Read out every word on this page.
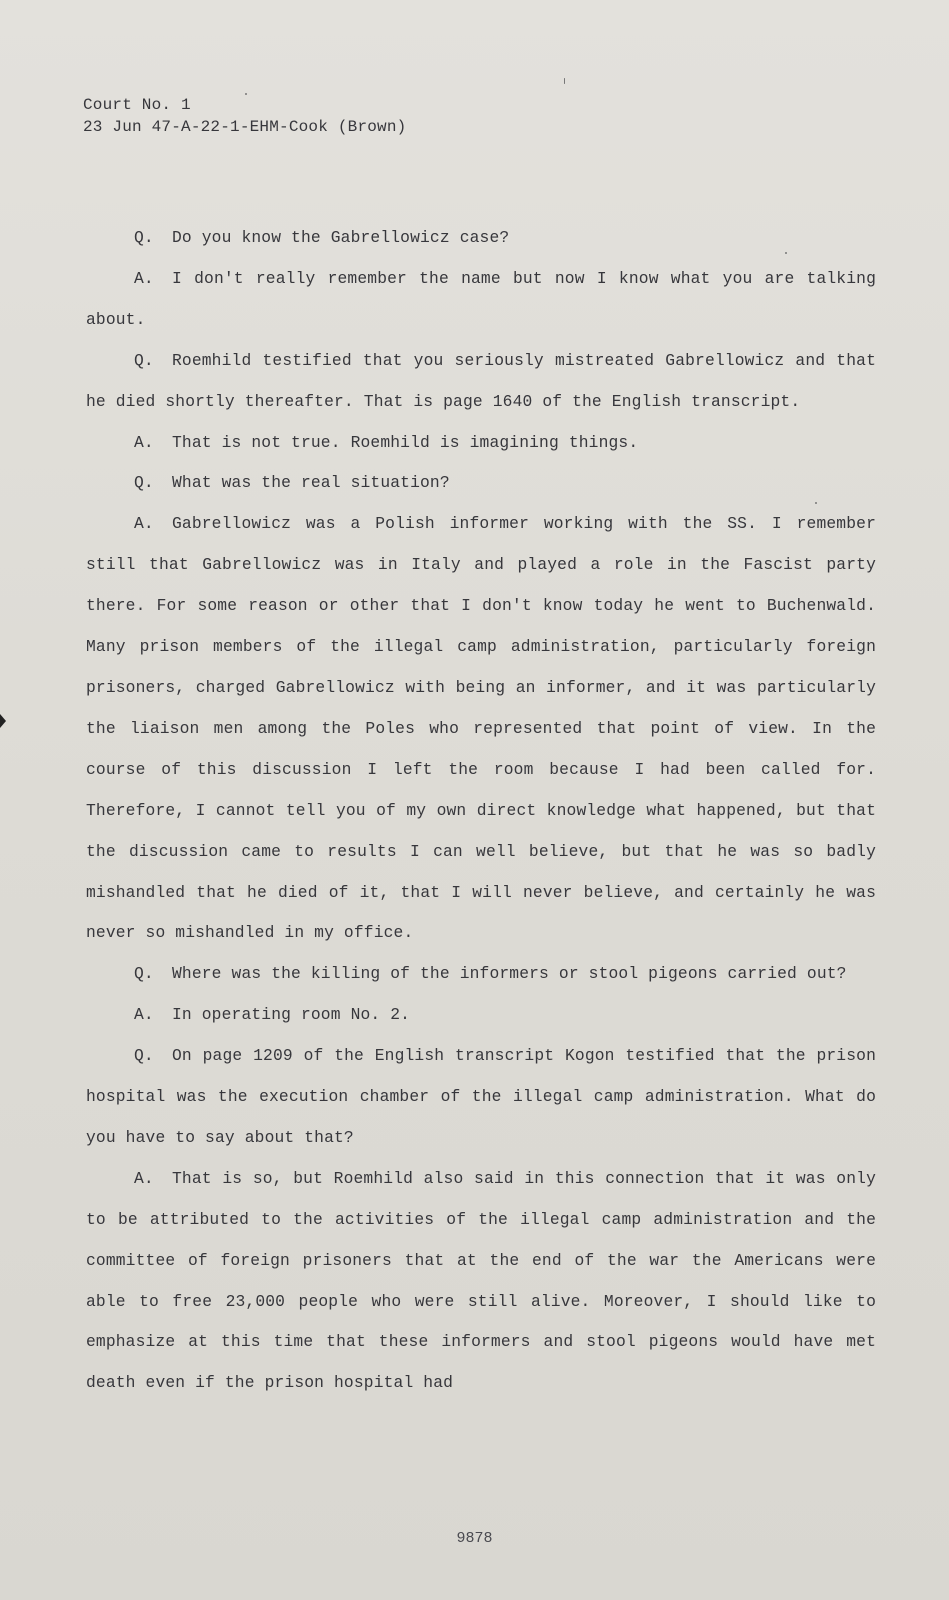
Court No. 1
23 Jun 47-A-22-1-EHM-Cook (Brown)

Q. Do you know the Gabrellowicz case?

A. I don't really remember the name but now I know what you are talking about.

Q. Roemhild testified that you seriously mistreated Gabrellowicz and that he died shortly thereafter. That is page 1640 of the English transcript.

A. That is not true. Roemhild is imagining things.

Q. What was the real situation?

A. Gabrellowicz was a Polish informer working with the SS. I remember still that Gabrellowicz was in Italy and played a role in the Fascist party there. For some reason or other that I don't know today he went to Buchenwald. Many prison members of the illegal camp administration, particularly foreign prisoners, charged Gabrellowicz with being an informer, and it was particularly the liaison men among the Poles who represented that point of view. In the course of this discussion I left the room because I had been called for. Therefore, I cannot tell you of my own direct knowledge what happened, but that the discussion came to results I can well believe, but that he was so badly mishandled that he died of it, that I will never believe, and certainly he was never so mishandled in my office.

Q. Where was the killing of the informers or stool pigeons carried out?

A. In operating room No. 2.

Q. On page 1209 of the English transcript Kogon testified that the prison hospital was the execution chamber of the illegal camp administration. What do you have to say about that?

A. That is so, but Roemhild also said in this connection that it was only to be attributed to the activities of the illegal camp administration and the committee of foreign prisoners that at the end of the war the Americans were able to free 23,000 people who were still alive. Moreover, I should like to emphasize at this time that these informers and stool pigeons would have met death even if the prison hospital had

9878
